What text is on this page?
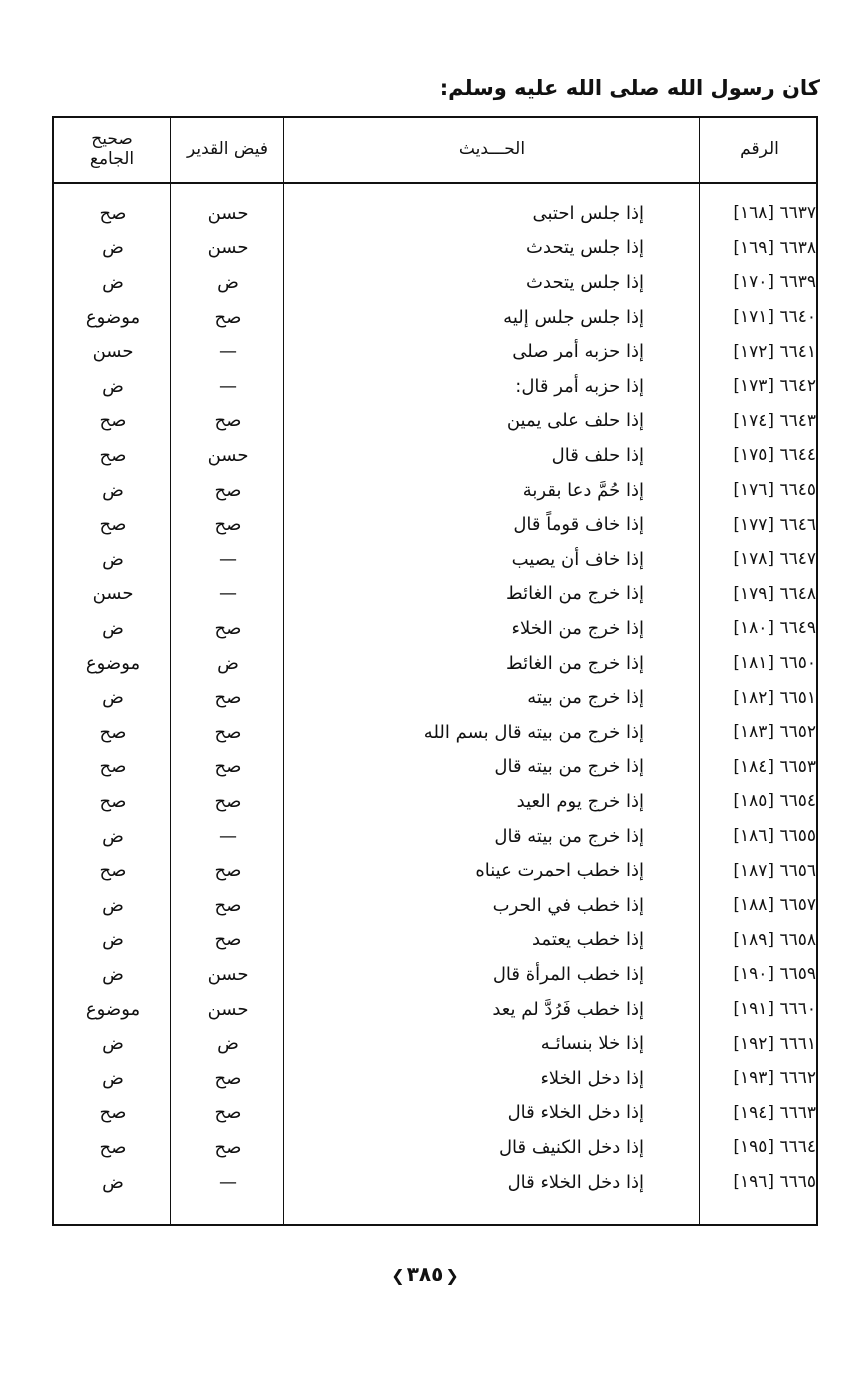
كان رسول الله صلى الله عليه وسلم:
الرقم
الحـــديث
فيض القدير
صحيح
الجامع
٦٦٣٧ [١٦٨]
إذا جلس احتبى
حسن
صح
٦٦٣٨ [١٦٩]
إذا جلس يتحدث
حسن
ض
٦٦٣٩ [١٧٠]
إذا جلس يتحدث
ض
ض
٦٦٤٠ [١٧١]
إذا جلس جلس إليه
صح
موضوع
٦٦٤١ [١٧٢]
إذا حزبه أمر صلى
—
حسن
٦٦٤٢ [١٧٣]
إذا حزبه أمر قال:
—
ض
٦٦٤٣ [١٧٤]
إذا حلف على يمين
صح
صح
٦٦٤٤ [١٧٥]
إذا حلف قال
حسن
صح
٦٦٤٥ [١٧٦]
إذا حُمَّ دعا بقربة
صح
ض
٦٦٤٦ [١٧٧]
إذا خاف قوماً قال
صح
صح
٦٦٤٧ [١٧٨]
إذا خاف أن يصيب
—
ض
٦٦٤٨ [١٧٩]
إذا خرج من الغائط
—
حسن
٦٦٤٩ [١٨٠]
إذا خرج من الخلاء
صح
ض
٦٦٥٠ [١٨١]
إذا خرج من الغائط
ض
موضوع
٦٦٥١ [١٨٢]
إذا خرج من بيته
صح
ض
٦٦٥٢ [١٨٣]
إذا خرج من بيته قال بسم الله
صح
صح
٦٦٥٣ [١٨٤]
إذا خرج من بيته قال
صح
صح
٦٦٥٤ [١٨٥]
إذا خرج يوم العيد
صح
صح
٦٦٥٥ [١٨٦]
إذا خرج من بيته قال
—
ض
٦٦٥٦ [١٨٧]
إذا خطب احمرت عيناه
صح
صح
٦٦٥٧ [١٨٨]
إذا خطب في الحرب
صح
ض
٦٦٥٨ [١٨٩]
إذا خطب يعتمد
صح
ض
٦٦٥٩ [١٩٠]
إذا خطب المرأة قال
حسن
ض
٦٦٦٠ [١٩١]
إذا خطب فَرُدَّ لم يعد
حسن
موضوع
٦٦٦١ [١٩٢]
إذا خلا بنسائـه
ض
ض
٦٦٦٢ [١٩٣]
إذا دخل الخلاء
صح
ض
٦٦٦٣ [١٩٤]
إذا دخل الخلاء قال
صح
صح
٦٦٦٤ [١٩٥]
إذا دخل الكنيف قال
صح
صح
٦٦٦٥ [١٩٦]
إذا دخل الخلاء قال
—
ض
❮٣٨٥❯
